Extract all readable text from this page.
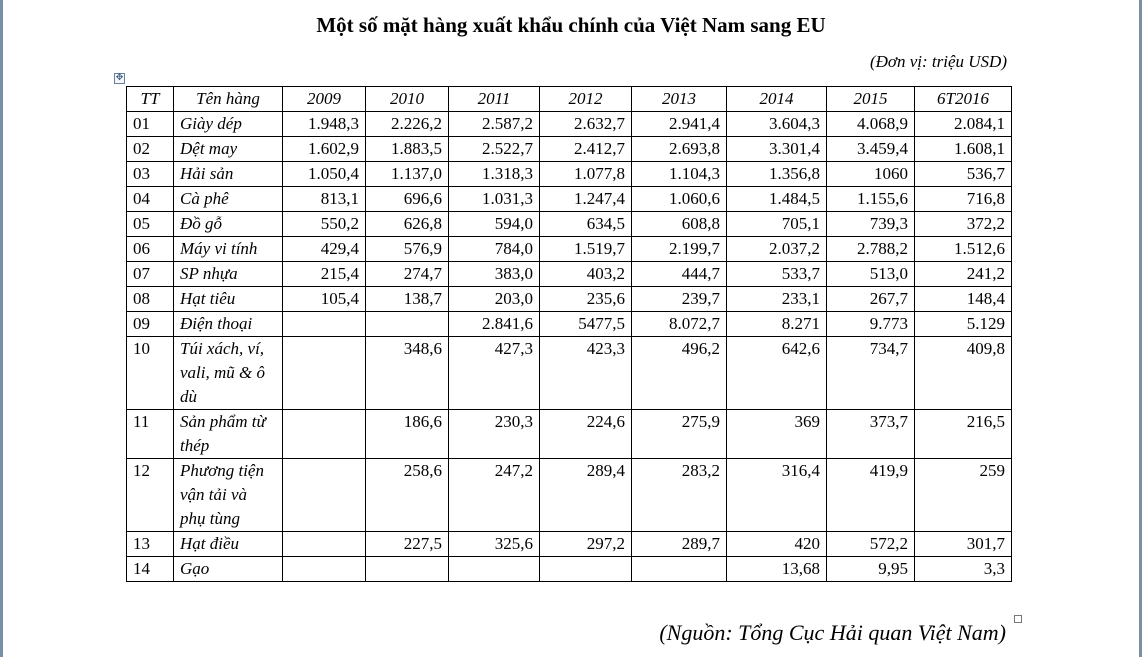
Một số mặt hàng xuất khẩu chính của Việt Nam sang EU
(Đơn vị: triệu USD)
✥
TT	Tên hàng	2009	2010	2011	2012	2013	2014	2015	6T2016
01	Giày dép	1.948,3	2.226,2	2.587,2	2.632,7	2.941,4	3.604,3	4.068,9	2.084,1
02	Dệt may	1.602,9	1.883,5	2.522,7	2.412,7	2.693,8	3.301,4	3.459,4	1.608,1
03	Hải sản	1.050,4	1.137,0	1.318,3	1.077,8	1.104,3	1.356,8	1060	536,7
04	Cà phê	813,1	696,6	1.031,3	1.247,4	1.060,6	1.484,5	1.155,6	716,8
05	Đồ gỗ	550,2	626,8	594,0	634,5	608,8	705,1	739,3	372,2
06	Máy vi tính	429,4	576,9	784,0	1.519,7	2.199,7	2.037,2	2.788,2	1.512,6
07	SP nhựa	215,4	274,7	383,0	403,2	444,7	533,7	513,0	241,2
08	Hạt tiêu	105,4	138,7	203,0	235,6	239,7	233,1	267,7	148,4
09	Điện thoại			2.841,6	5477,5	8.072,7	8.271	9.773	5.129
10	Túi xách, ví, vali, mũ & ô dù		348,6	427,3	423,3	496,2	642,6	734,7	409,8
11	Sản phẩm từ thép		186,6	230,3	224,6	275,9	369	373,7	216,5
12	Phương tiện vận tải và phụ tùng		258,6	247,2	289,4	283,2	316,4	419,9	259
13	Hạt điều		227,5	325,6	297,2	289,7	420	572,2	301,7
14	Gạo						13,68	9,95	3,3
(Nguồn: Tổng Cục Hải quan Việt Nam)
